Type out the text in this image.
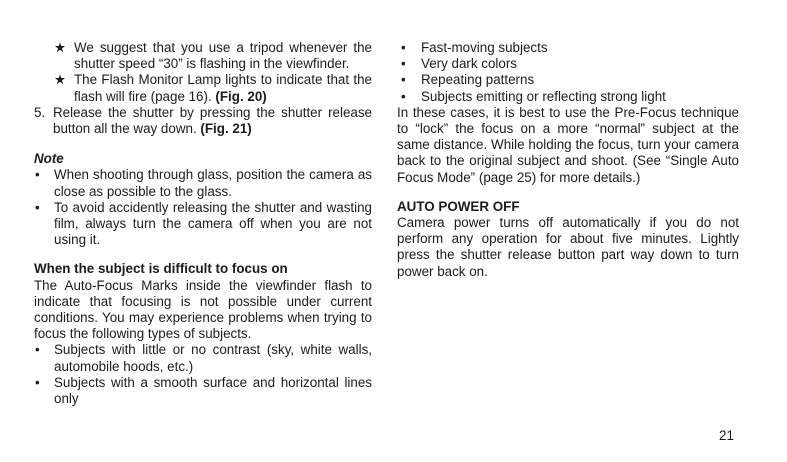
★ We suggest that you use a tripod whenever the shutter speed “30” is flashing in the viewfinder.

★ The Flash Monitor Lamp lights to indicate that the flash will fire (page 16). (Fig. 20)

5. Release the shutter by pressing the shutter release button all the way down. (Fig. 21)

Note

• When shooting through glass, position the camera as close as possible to the glass.

• To avoid accidently releasing the shutter and wasting film, always turn the camera off when you are not using it.

When the subject is difficult to focus on

The Auto-Focus Marks inside the viewfinder flash to indicate that focusing is not possible under current conditions. You may experience problems when trying to focus the following types of subjects.

• Subjects with little or no contrast (sky, white walls, automobile hoods, etc.)

• Subjects with a smooth surface and horizontal lines only

• Fast-moving subjects

• Very dark colors

• Repeating patterns

• Subjects emitting or reflecting strong light

In these cases, it is best to use the Pre-Focus technique to “lock” the focus on a more “normal” subject at the same distance. While holding the focus, turn your camera back to the original subject and shoot. (See “Single Auto Focus Mode” (page 25) for more details.)

AUTO POWER OFF

Camera power turns off automatically if you do not perform any operation for about five minutes. Lightly press the shutter release button part way down to turn power back on.

21
